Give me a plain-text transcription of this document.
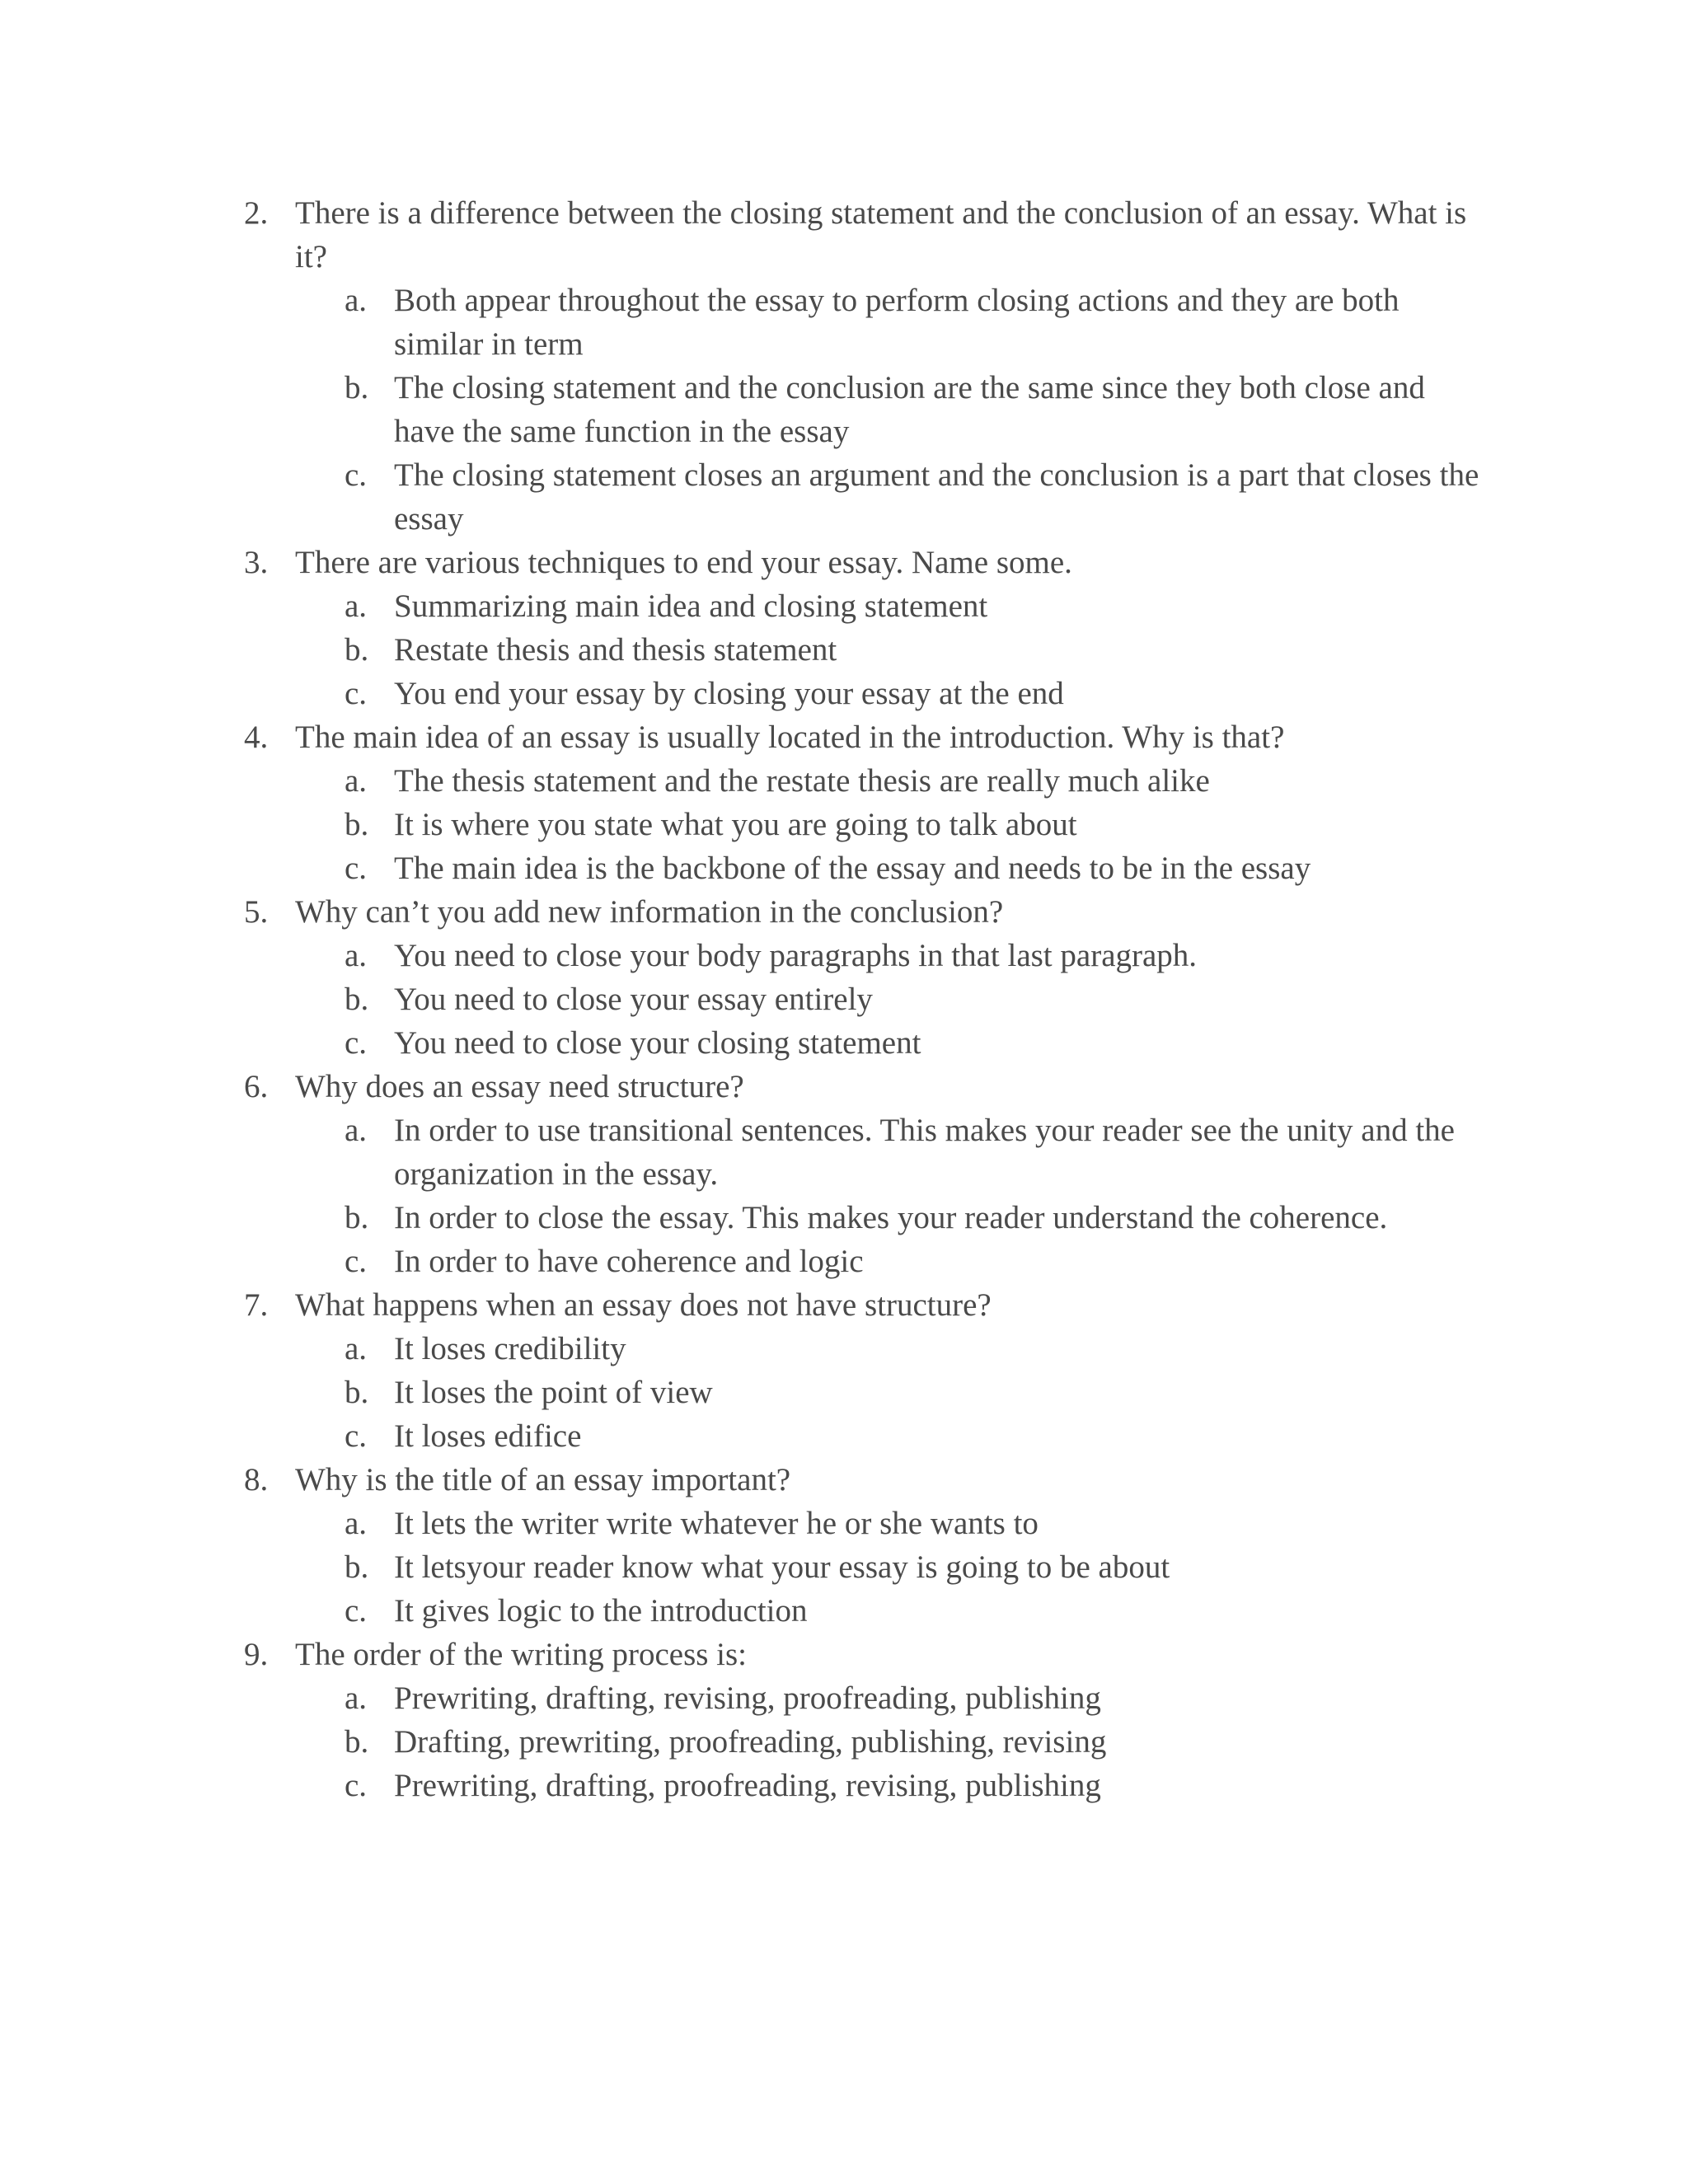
2. There is a difference between the closing statement and the conclusion of an essay. What is it?
a. Both appear throughout the essay to perform closing actions and they are both similar in term
b. The closing statement and the conclusion are the same since they both close and have the same function in the essay
c. The closing statement closes an argument and the conclusion is a part that closes the essay
3. There are various techniques to end your essay. Name some.
a. Summarizing main idea and closing statement
b. Restate thesis and thesis statement
c. You end your essay by closing your essay at the end
4. The main idea of an essay is usually located in the introduction. Why is that?
a. The thesis statement and the restate thesis are really much alike
b. It is where you state what you are going to talk about
c. The main idea is the backbone of the essay and needs to be in the essay
5. Why can’t you add new information in the conclusion?
a. You need to close your body paragraphs in that last paragraph.
b. You need to close your essay entirely
c. You need to close your closing statement
6. Why does an essay need structure?
a. In order to use transitional sentences. This makes your reader see the unity and the organization in the essay.
b. In order to close the essay. This makes your reader understand the coherence.
c. In order to have coherence and logic
7. What happens when an essay does not have structure?
a. It loses credibility
b. It loses the point of view
c. It loses edifice
8. Why is the title of an essay important?
a. It lets the writer write whatever he or she wants to
b. It letsyour reader know what your essay is going to be about
c. It gives logic to the introduction
9. The order of the writing process is:
a. Prewriting, drafting, revising, proofreading, publishing
b. Drafting, prewriting, proofreading, publishing, revising
c. Prewriting, drafting, proofreading, revising, publishing
